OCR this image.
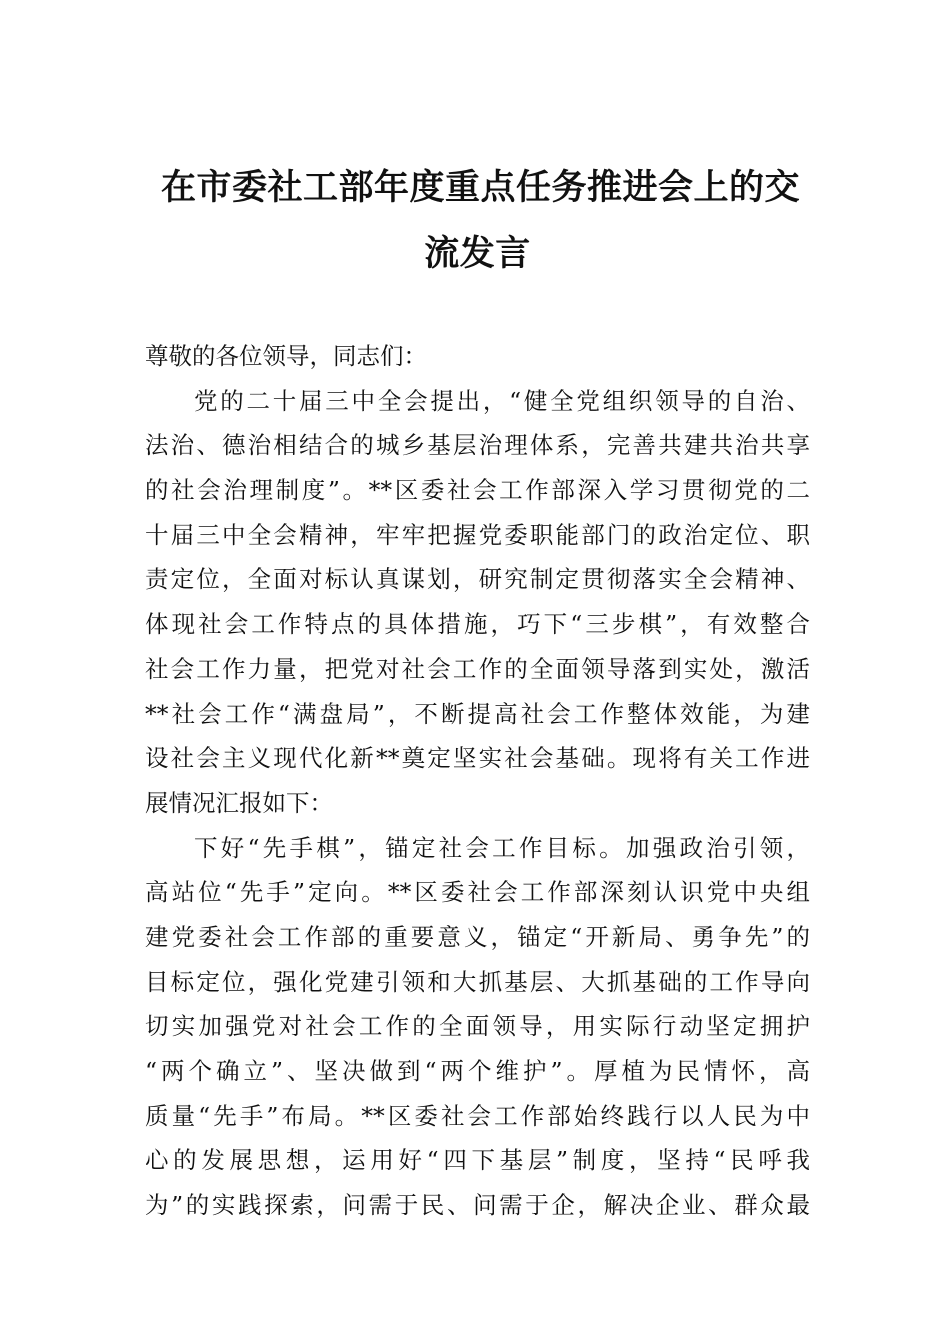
在市委社工部年度重点任务推进会上的交
流发言
尊敬的各位领导，同志们：
党的二十届三中全会提出，“健全党组织领导的自治、
法治、德治相结合的城乡基层治理体系，完善共建共治共享
的社会治理制度”。**区委社会工作部深入学习贯彻党的二
十届三中全会精神，牢牢把握党委职能部门的政治定位、职
责定位，全面对标认真谋划，研究制定贯彻落实全会精神、
体现社会工作特点的具体措施，巧下“三步棋”，有效整合
社会工作力量，把党对社会工作的全面领导落到实处，激活
**社会工作“满盘局”，不断提高社会工作整体效能，为建
设社会主义现代化新**奠定坚实社会基础。现将有关工作进
展情况汇报如下：
下好“先手棋”，锚定社会工作目标。加强政治引领，
高站位“先手”定向。**区委社会工作部深刻认识党中央组
建党委社会工作部的重要意义，锚定“开新局、勇争先”的
目标定位，强化党建引领和大抓基层、大抓基础的工作导向
切实加强党对社会工作的全面领导，用实际行动坚定拥护
“两个确立”、坚决做到“两个维护”。厚植为民情怀，高
质量“先手”布局。**区委社会工作部始终践行以人民为中
心的发展思想，运用好“四下基层”制度，坚持“民呼我
为”的实践探索，问需于民、问需于企，解决企业、群众最
